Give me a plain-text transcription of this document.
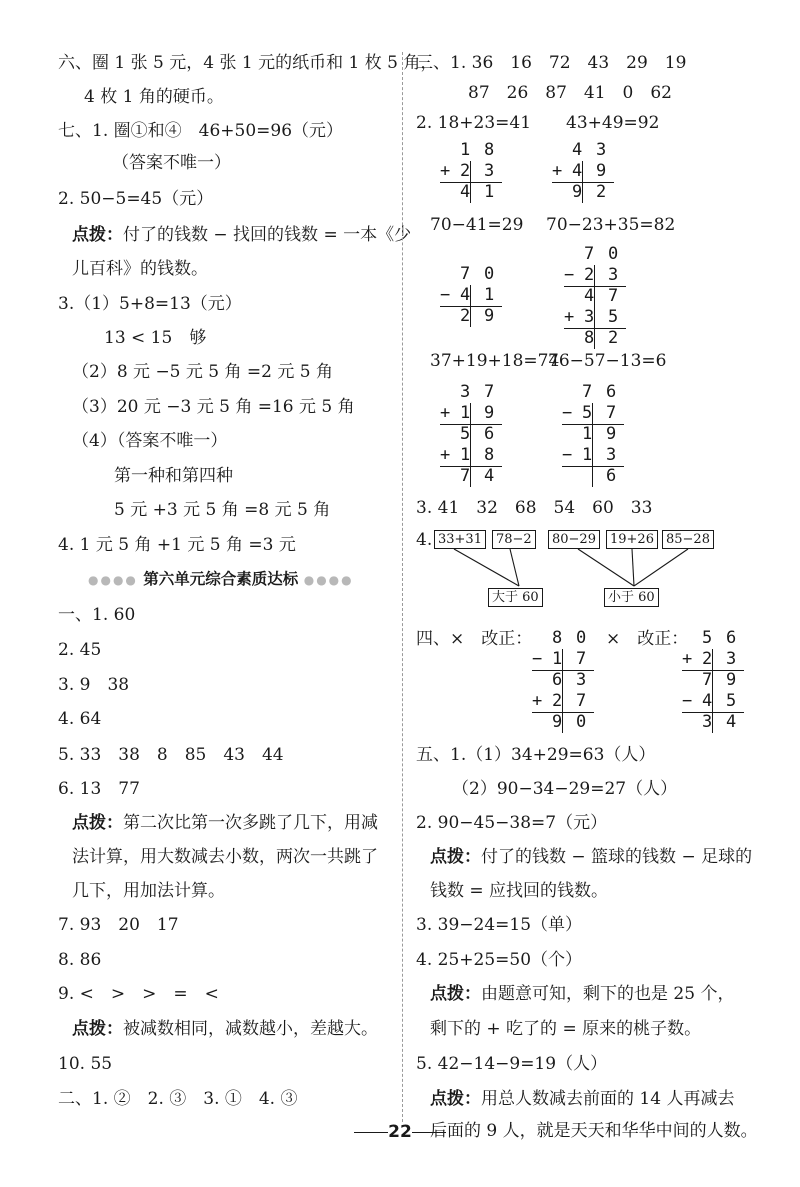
六、圈 1 张 5 元，4 张 1 元的纸币和 1 枚 5 角，
4 枚 1 角的硬币。
七、1. 圈①和④　46+50=96（元）
（答案不唯一）
2. 50−5=45（元）
点拨：付了的钱数 − 找回的钱数 = 一本《少
儿百科》的钱数。
3.（1）5+8=13（元）
13 < 15　够
（2）8 元 −5 元 5 角 =2 元 5 角
（3）20 元 −3 元 5 角 =16 元 5 角
（4）（答案不唯一）
第一种和第四种
5 元 +3 元 5 角 =8 元 5 角
4. 1 元 5 角 +1 元 5 角 =3 元
●●●● 第六单元综合素质达标 ●●●●
一、1. 60
2. 45
3. 9　38
4. 64
5. 33　38　8　85　43　44
6. 13　77
点拨：第二次比第一次多跳了几下，用减
法计算，用大数减去小数，两次一共跳了
几下，用加法计算。
7. 93　20　17
8. 86
9. <　>　>　=　<
点拨：被减数相同，减数越小，差越大。
10. 55
二、1. ②　2. ③　3. ①　4. ③
三、1. 36　16　72　43　29　19
87　26　87　41　0　62
2. 18+23=41 43+49=92
1 8
+ 2 3
4 1
4 3
+ 4 9
9 2
70−41=29 70−23+35=82
7 0
− 4 1
2 9
7 0
− 2 3
4 7
+ 3 5
8 2
37+19+18=74
76−57−13=6
3 7
+ 1 9
5 6
+ 1 8
7 4
7 6
− 5 7
1 9
− 1 3
6
3. 41　32　68　54　60　33
4. 33+31	78−2	80−29	19+26 85−28
大于 60	小于 60
四、×　改正：	×　改正：
8 0
− 1 7
6 3
+ 2 7
9 0
5 6
+ 2 3
7 9
− 4 5
3 4
五、1.（1）34+29=63（人）
（2）90−34−29=27（人）
2. 90−45−38=7（元）
点拨：付了的钱数 − 篮球的钱数 − 足球的
钱数 = 应找回的钱数。
3. 39−24=15（单）
4. 25+25=50（个）
点拨：由题意可知，剩下的也是 25 个，
剩下的 + 吃了的 = 原来的桃子数。
5. 42−14−9=19（人）
点拨：用总人数减去前面的 14 人再减去
后面的 9 人，就是天天和华华中间的人数。
22
